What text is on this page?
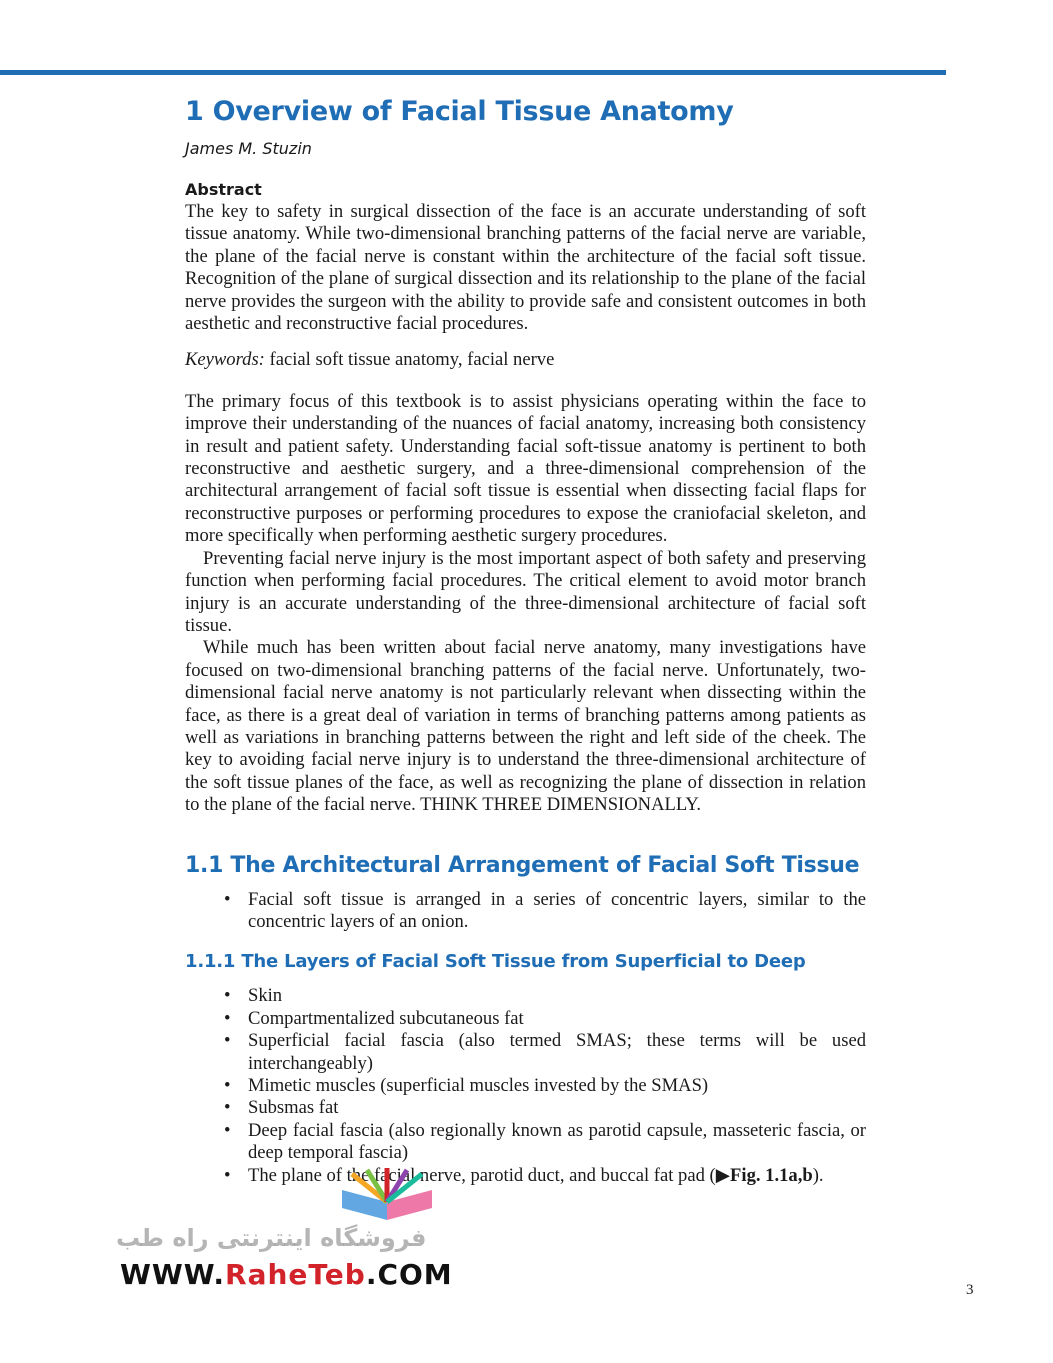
1 Overview of Facial Tissue Anatomy
James M. Stuzin
Abstract

The key to safety in surgical dissection of the face is an accurate understanding of soft tissue anatomy. While two-dimensional branching patterns of the facial nerve are variable, the plane of the facial nerve is constant within the architecture of the facial soft tissue. Recognition of the plane of surgical dissection and its relationship to the plane of the facial nerve provides the surgeon with the ability to provide safe and consistent outcomes in both aesthetic and reconstructive facial procedures.

Keywords: facial soft tissue anatomy, facial nerve

The primary focus of this textbook is to assist physicians operating within the face to improve their understanding of the nuances of facial anatomy, increasing both consistency in result and patient safety. Understanding facial soft-tissue anatomy is pertinent to both reconstructive and aesthetic surgery, and a three-dimensional comprehension of the architectural arrangement of facial soft tissue is essential when dissecting facial flaps for reconstructive purposes or performing procedures to expose the craniofacial skeleton, and more specifically when performing aesthetic surgery procedures.

Preventing facial nerve injury is the most important aspect of both safety and preserving function when performing facial procedures. The critical element to avoid motor branch injury is an accurate understanding of the three-dimensional architecture of facial soft tissue.

While much has been written about facial nerve anatomy, many investigations have focused on two-dimensional branching patterns of the facial nerve. Unfortunately, two-dimensional facial nerve anatomy is not particularly relevant when dissecting within the face, as there is a great deal of variation in terms of branching patterns among patients as well as variations in branching patterns between the right and left side of the cheek. The key to avoiding facial nerve injury is to understand the three-dimensional architecture of the soft tissue planes of the face, as well as recognizing the plane of dissection in relation to the plane of the facial nerve. THINK THREE DIMENSIONALLY.

1.1 The Architectural Arrangement of Facial Soft Tissue
• Facial soft tissue is arranged in a series of concentric layers, similar to the concentric layers of an onion.
1.1.1 The Layers of Facial Soft Tissue from Superficial to Deep
• Skin
• Compartmentalized subcutaneous fat
• Superficial facial fascia (also termed SMAS; these terms will be used interchangeably)
• Mimetic muscles (superficial muscles invested by the SMAS)
• Subsmas fat
• Deep facial fascia (also regionally known as parotid capsule, masseteric fascia, or deep temporal fascia)
• The plane of the facial nerve, parotid duct, and buccal fat pad (▶Fig. 1.1a,b).
فروشگاه اینترنتی راه طب
WWW.RaheTeb.COM	3
